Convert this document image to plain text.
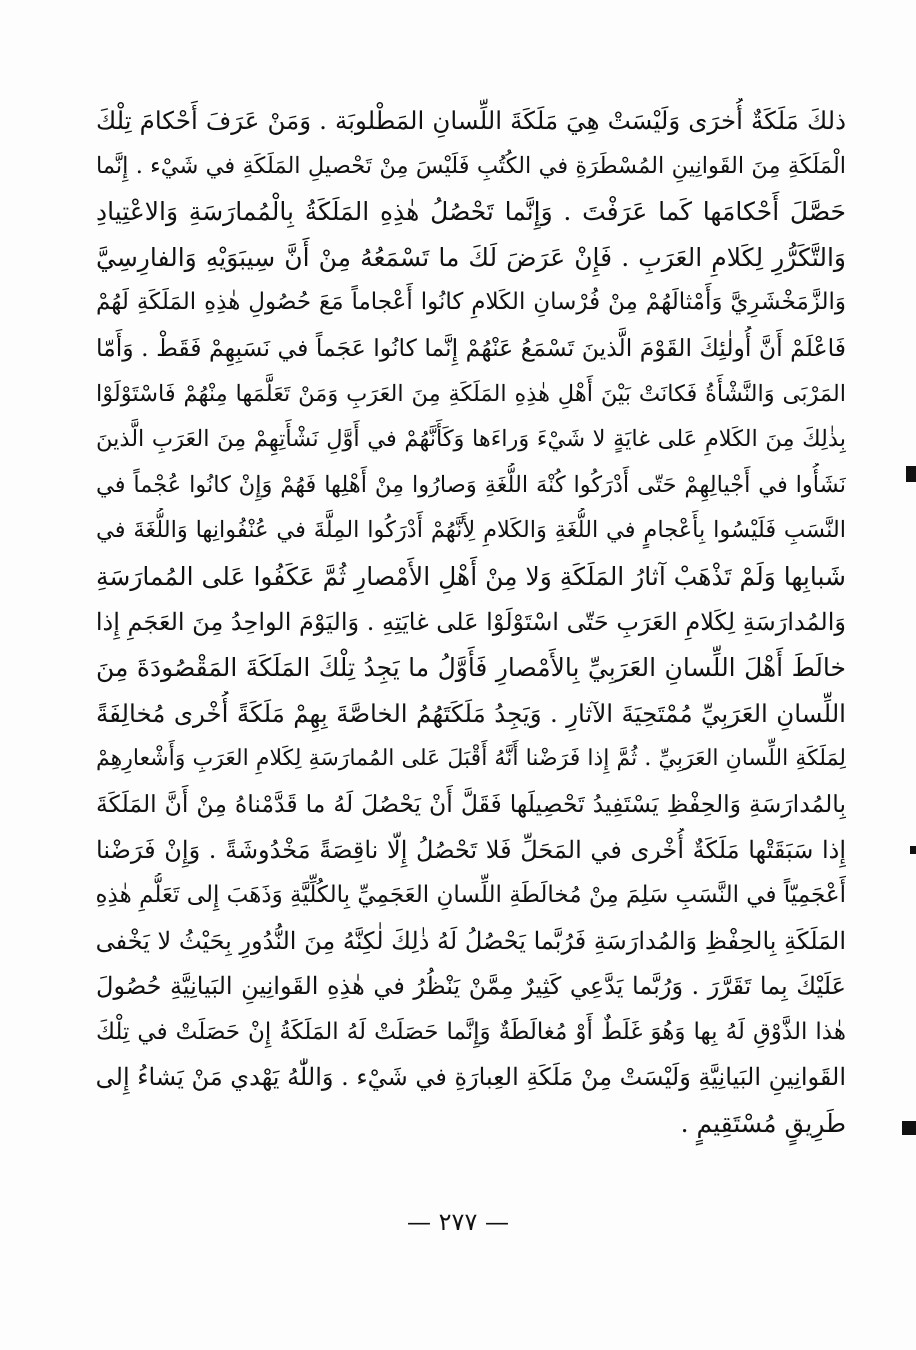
ذلكَ مَلَكَةٌ أُخرَى وَلَيْسَتْ هِيَ مَلَكَةَ اللِّسانِ المَطْلوبَة . وَمَنْ عَرَفَ أَحْكامَ تِلْكَ
الْمَلَكَةِ مِنَ القَوانِينِ المُسْطَرَةِ في الكُتُبِ فَلَيْسَ مِنْ تَحْصيلِ المَلَكَةِ في شَيْء . إِنَّما
حَصَّلَ أَحْكامَها كَما عَرَفْتَ . وَإِنَّما تَحْصُلُ هٰذِهِ المَلَكَةُ بِالْمُمارَسَةِ وَالاعْتِيادِ
وَالتَّكَرُّرِ لِكَلامِ العَرَبِ . فَإِنْ عَرَضَ لَكَ ما تَسْمَعُهُ مِنْ أَنَّ سِيبَوَيْهِ وَالفارِسِيَّ
وَالزَّمَخْشَرِيَّ وَأَمْثالَهُمْ مِنْ فُرْسانِ الكَلامِ كانُوا أَعْجاماً مَعَ حُصُولِ هٰذِهِ المَلَكَةِ لَهُمْ
فَاعْلَمْ أَنَّ أُولٰئِكَ القَوْمَ الَّذينَ تَسْمَعُ عَنْهُمْ إِنَّما كانُوا عَجَماً في نَسَبِهِمْ فَقَطْ . وَأَمّا
المَرْبَى وَالنَّشْأَةُ فَكانَتْ بَيْنَ أَهْلِ هٰذِهِ المَلَكَةِ مِنَ العَرَبِ وَمَنْ تَعَلَّمَها مِنْهُمْ فَاسْتَوْلَوْا
بِذٰلِكَ مِنَ الكَلامِ عَلى غايَةٍ لا شَيْءَ وَراءَها وَكَأَنَّهُمْ في أَوَّلِ نَشْأَتِهِمْ مِنَ العَرَبِ الَّذينَ
نَشَأُوا في أَجْيالِهِمْ حَتّى أَدْرَكُوا كُنْهَ اللُّغَةِ وَصارُوا مِنْ أَهْلِها فَهُمْ وَإِنْ كانُوا عُجْماً في
النَّسَبِ فَلَيْسُوا بِأَعْجامٍ في اللُّغَةِ وَالكَلامِ لِأَنَّهُمْ أَدْرَكُوا المِلَّةَ في عُنْفُوانِها وَاللُّغَةَ في
شَبابِها وَلَمْ تَذْهَبْ آثارُ المَلَكَةِ وَلا مِنْ أَهْلِ الأَمْصارِ ثُمَّ عَكَفُوا عَلى المُمارَسَةِ
وَالمُدارَسَةِ لِكَلامِ العَرَبِ حَتّى اسْتَوْلَوْا عَلى غايَتِهِ . وَاليَوْمَ الواحِدُ مِنَ العَجَمِ إِذا
خالَطَ أَهْلَ اللِّسانِ العَرَبِيِّ بِالأَمْصارِ فَأَوَّلُ ما يَجِدُ تِلْكَ المَلَكَةَ المَقْصُودَةَ مِنَ
اللِّسانِ العَرَبِيِّ مُمْتَحِيَةَ الآثارِ . وَيَجِدُ مَلَكَتَهُمُ الخاصَّةَ بِهِمْ مَلَكَةً أُخْرى مُخالِفَةً
لِمَلَكَةِ اللِّسانِ العَرَبِيِّ . ثُمَّ إِذا فَرَضْنا أَنَّهُ أَقْبَلَ عَلى المُمارَسَةِ لِكَلامِ العَرَبِ وَأَشْعارِهِمْ
بِالمُدارَسَةِ وَالحِفْظِ يَسْتَفِيدُ تَحْصِيلَها فَقَلَّ أَنْ يَحْصُلَ لَهُ ما قَدَّمْناهُ مِنْ أَنَّ المَلَكَةَ
إِذا سَبَقَتْها مَلَكَةٌ أُخْرى في المَحَلِّ فَلا تَحْصُلُ إِلّا ناقِصَةً مَخْدُوشَةً . وَإِنْ فَرَضْنا
أَعْجَمِيّاً في النَّسَبِ سَلِمَ مِنْ مُخالَطَةِ اللِّسانِ العَجَمِيِّ بِالكُلِّيَّةِ وَذَهَبَ إِلى تَعَلُّمِ هٰذِهِ
المَلَكَةِ بِالحِفْظِ وَالمُدارَسَةِ فَرُبَّما يَحْصُلُ لَهُ ذٰلِكَ لٰكِنَّهُ مِنَ النُّدُورِ بِحَيْثُ لا يَخْفى
عَلَيْكَ بِما تَقَرَّرَ . وَرُبَّما يَدَّعِي كَثِيرٌ مِمَّنْ يَنْظُرُ في هٰذِهِ القَوانِينِ البَيانِيَّةِ حُصُولَ
هٰذا الذَّوْقِ لَهُ بِها وَهُوَ غَلَطٌ أَوْ مُغالَطَةٌ وَإِنَّما حَصَلَتْ لَهُ المَلَكَةُ إِنْ حَصَلَتْ في تِلْكَ
القَوانِينِ البَيانِيَّةِ وَلَيْسَتْ مِنْ مَلَكَةِ العِبارَةِ في شَيْء . وَاللّٰهُ يَهْدي مَنْ يَشاءُ إِلى
طَرِيقٍ مُسْتَقِيمٍ .
— ٢٧٧ —
